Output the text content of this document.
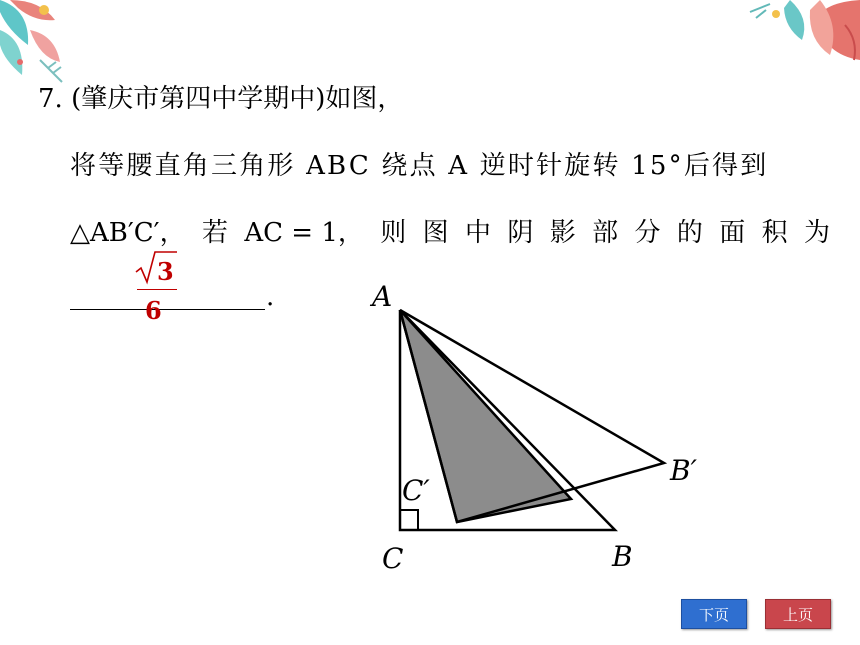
7. (肇庆市第四中学期中)如图，
将等腰直角三角形 ABC 绕点 A 逆时针旋转 15°后得到
△AB′C′， 若 AC = 1， 则 图 中 阴 影 部 分 的 面 积 为
.
3
6	A
C	B
B′
C′
下页	上页
